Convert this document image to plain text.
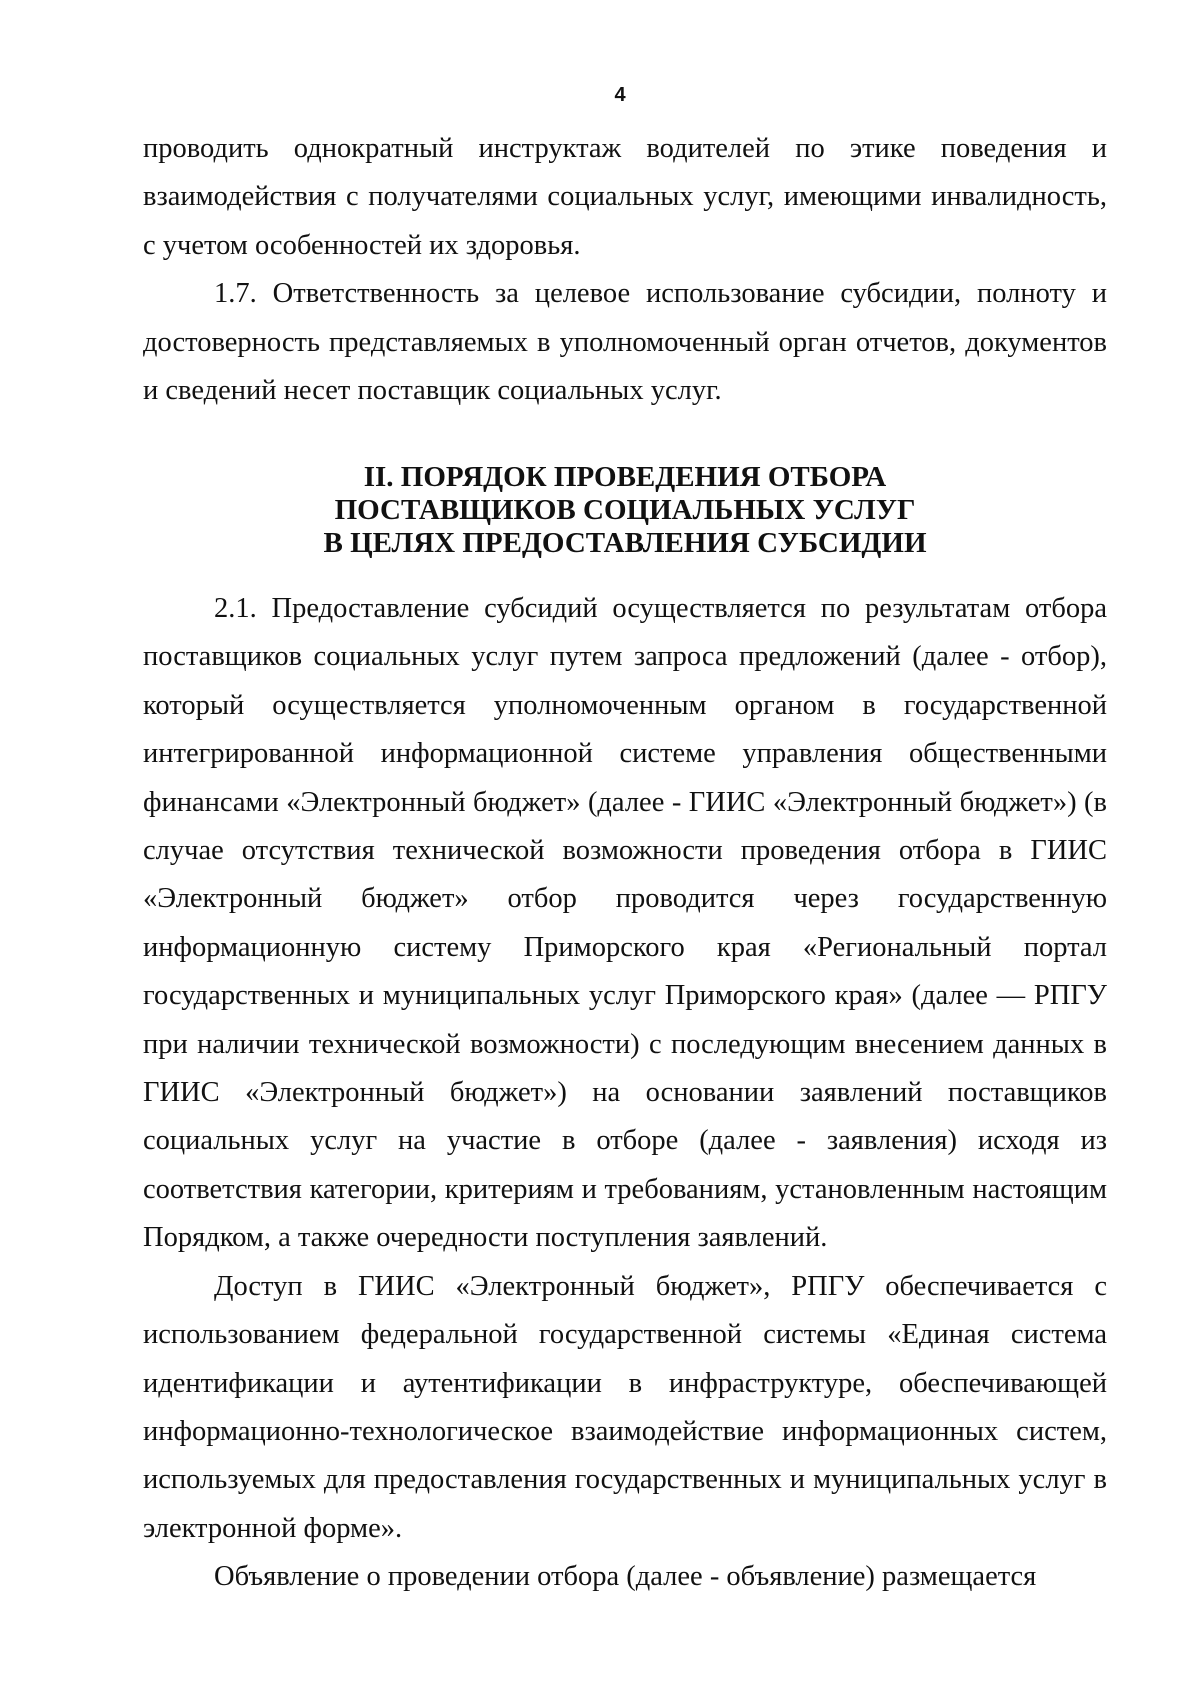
4

проводить однократный инструктаж водителей по этике поведения и взаимодействия с получателями социальных услуг, имеющими инвалидность, с учетом особенностей их здоровья.

1.7. Ответственность за целевое использование субсидии, полноту и достоверность представляемых в уполномоченный орган отчетов, документов и сведений несет поставщик социальных услуг.

II. ПОРЯДОК ПРОВЕДЕНИЯ ОТБОРА
ПОСТАВЩИКОВ СОЦИАЛЬНЫХ УСЛУГ
В ЦЕЛЯХ ПРЕДОСТАВЛЕНИЯ СУБСИДИИ

2.1. Предоставление субсидий осуществляется по результатам отбора поставщиков социальных услуг путем запроса предложений (далее - отбор), который осуществляется уполномоченным органом в государственной интегрированной информационной системе управления общественными финансами «Электронный бюджет» (далее - ГИИС «Электронный бюджет») (в случае отсутствия технической возможности проведения отбора в ГИИС «Электронный бюджет» отбор проводится через государственную информационную систему Приморского края «Региональный портал государственных и муниципальных услуг Приморского края» (далее — РПГУ при наличии технической возможности) с последующим внесением данных в ГИИС «Электронный бюджет») на основании заявлений поставщиков социальных услуг на участие в отборе (далее - заявления) исходя из соответствия категории, критериям и требованиям, установленным настоящим Порядком, а также очередности поступления заявлений.

Доступ в ГИИС «Электронный бюджет», РПГУ обеспечивается с использованием федеральной государственной системы «Единая система идентификации и аутентификации в инфраструктуре, обеспечивающей информационно-технологическое взаимодействие информационных систем, используемых для предоставления государственных и муниципальных услуг в электронной форме».

Объявление о проведении отбора (далее - объявление) размещается
